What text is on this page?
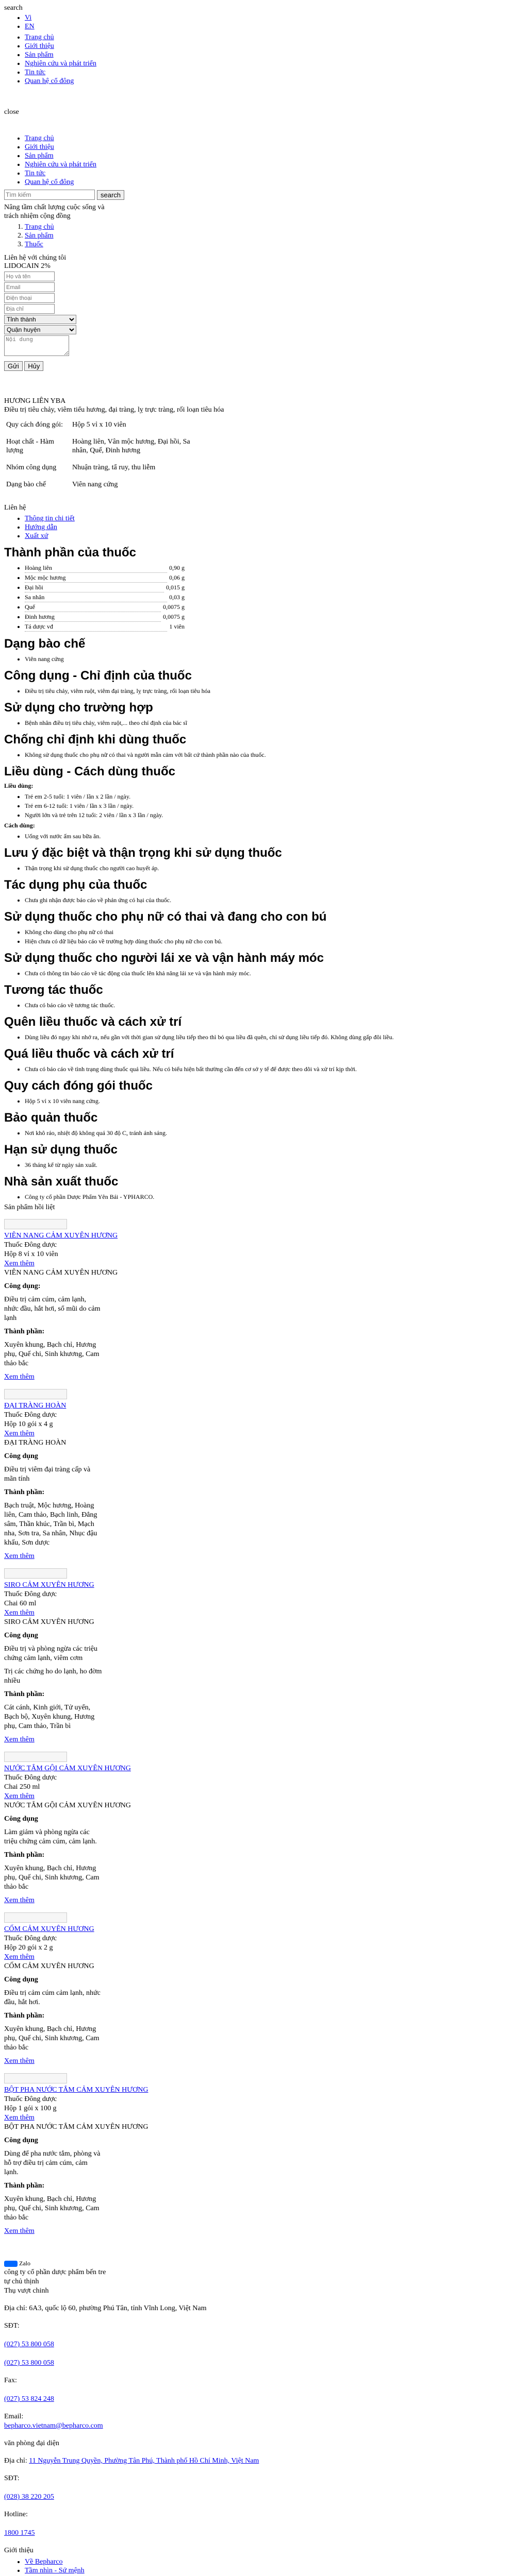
search
• Vi
• EN
• Trang chủ
• Giới thiệu
• Sản phẩm
• Nghiên cứu và phát triển
• Tin tức
• Quan hệ cổ đông
close
• Trang chủ
• Giới thiệu
• Sản phẩm
• Nghiên cứu và phát triển
• Tin tức
• Quan hệ cổ đông
Tìm kiếm search
Nâng tầm chất lượng cuộc sống và trách nhiệm cộng đồng
1. Trang chủ
2. Sản phẩm
3. Thuốc
Liên hệ với chúng tôi
LIDOCAIN 2%
Họ và tên
Email
Điện thoại
Địa chỉ
Tỉnh thành
Quận huyện
Nội dung
Gửi Hủy
HƯƠNG LIÊN YBA
Điều trị tiêu chảy, viêm tiểu hương, đại tràng, lỵ trực tràng, rối loạn tiêu hóa
Quy cách đóng gói:	Hộp 5 vỉ x 10 viên
Hoạt chất - Hàm lượng	Hoàng liên, Vân mộc hương, Đại hồi, Sa nhân, Quế, Đinh hương
Nhóm công dụng	Nhuận tràng, tẩ ruy, thu liễm
Dạng bào chế	Viên nang cứng
Liên hệ
• Thông tin chi tiết
• Hướng dẫn
• Xuất xứ
Thành phần của thuốc
• Hoàng liên	0,90 g
• Mộc mộc hương	0,06 g
• Đại hồi	0,015 g
• Sa nhân	0,03 g
• Quế	0,0075 g
• Đinh hương	0,0075 g
• Tá dược vđ	1 viên
Dạng bào chế
• Viên nang cứng
Công dụng - Chỉ định của thuốc
• Điều trị tiêu chảy, viêm ruột, viêm đại tràng, lỵ trực tràng, rối loạn tiêu hóa
Sử dụng cho trường hợp
• Bệnh nhân điều trị tiêu chảy, viêm ruột,... theo chỉ định của bác sĩ
Chống chỉ định khi dùng thuốc
• Không sử dụng thuốc cho phụ nữ có thai và người mẫn cảm với bất cứ thành phần nào của thuốc.
Liều dùng - Cách dùng thuốc
Liều dùng:
• Trẻ em 2-5 tuổi: 1 viên / lần x 2 lần / ngày.
• Trẻ em 6-12 tuổi: 1 viên / lần x 3 lần / ngày.
• Người lớn và trẻ trên 12 tuổi: 2 viên / lần x 3 lần / ngày.
Cách dùng:
• Uống với nước ấm sau bữa ăn.
Lưu ý đặc biệt và thận trọng khi sử dụng thuốc
• Thận trọng khi sử dụng thuốc cho người cao huyết áp.
Tác dụng phụ của thuốc
• Chưa ghi nhận được báo cáo về phản ứng có hại của thuốc.
Sử dụng thuốc cho phụ nữ có thai và đang cho con bú
• Không cho dùng cho phụ nữ có thai
• Hiện chưa có dữ liệu báo cáo về trường hợp dùng thuốc cho phụ nữ cho con bú.
Sử dụng thuốc cho người lái xe và vận hành máy móc
• Chưa có thông tin báo cáo về tác động của thuốc lên khả năng lái xe và vận hành máy móc.
Tương tác thuốc
• Chưa có báo cáo về tương tác thuốc.
Quên liều thuốc và cách xử trí
• Dùng liều đó ngay khi nhớ ra, nếu gần với thời gian sử dụng liều tiếp theo thì bỏ qua liều đã quên, chỉ sử dụng liều tiếp đó. Không dùng gấp đôi liều.
Quá liều thuốc và cách xử trí
• Chưa có báo cáo về tình trạng dùng thuốc quá liều. Nếu có biểu hiện bất thường cần đến cơ sở y tế để được theo dõi và xử trí kịp thời.
Quy cách đóng gói thuốc
• Hộp 5 vỉ x 10 viên nang cứng.
Bảo quản thuốc
• Nơi khô ráo, nhiệt độ không quá 30 độ C, tránh ánh sáng.
Hạn sử dụng thuốc
• 36 tháng kể từ ngày sản xuất.
Nhà sản xuất thuốc
• Công ty cổ phần Dược Phẩm Yên Bái - YPHARCO.
Sản phẩm hồi liệt
VIÊN NANG CẢM XUYÊN HƯƠNG
Thuốc Đông dược
Hộp 8 vỉ x 10 viên
Xem thêm
VIÊN NANG CẢM XUYÊN HƯƠNG

Công dụng:

Điều trị cảm cúm, cảm lạnh, nhức đầu, hắt hơi, sổ mũi do cảm lạnh

Thành phần:

Xuyên khung, Bạch chỉ, Hương phụ, Quế chi, Sinh khương, Cam thảo bắc

Xem thêm
ĐẠI TRÀNG HOÀN
Thuốc Đông dược
Hộp 10 gói x 4 g
Xem thêm
ĐẠI TRÀNG HOÀN

Công dụng

Điều trị viêm đại tràng cấp và mãn tính

Thành phần:

Bạch truật, Mộc hương, Hoàng liên, Cam thảo, Bạch linh, Đẳng sâm, Thần khúc, Trần bì, Mạch nha, Sơn tra, Sa nhân, Nhục đậu khấu, Sơn dược

Xem thêm
SIRO CẢM XUYÊN HƯƠNG
Thuốc Đông dược
Chai 60 ml
Xem thêm
SIRO CẢM XUYÊN HƯƠNG

Công dụng

Điều trị và phòng ngừa các triệu chứng cảm lạnh, viêm cơm

Trị các chứng ho do lạnh, ho đờm nhiều

Thành phần:

Cát cánh, Kinh giới, Tử uyển, Bạch bộ, Xuyên khung, Hương phụ, Cam thảo, Trần bì

Xem thêm
NƯỚC TẮM GỘI CẢM XUYÊN HƯƠNG
Thuốc Đông dược
Chai 250 ml
Xem thêm
NƯỚC TẮM GỘI CẢM XUYÊN HƯƠNG

Công dụng

Làm giảm và phòng ngừa các triệu chứng cảm cúm, cảm lạnh.

Thành phần:

Xuyên khung, Bạch chỉ, Hương phụ, Quế chi, Sinh khương, Cam thảo bắc

Xem thêm
CỐM CẢM XUYÊN HƯƠNG
Thuốc Đông dược
Hộp 20 gói x 2 g
Xem thêm
CỐM CẢM XUYÊN HƯƠNG

Công dụng

Điều trị cảm cúm cảm lạnh, nhức đầu, hắt hơi.

Thành phần:

Xuyên khung, Bạch chỉ, Hương phụ, Quế chi, Sinh khương, Cam thảo bắc

Xem thêm
BỘT PHA NƯỚC TẮM CẢM XUYÊN HƯƠNG
Thuốc Đông dược
Hộp 1 gói x 100 g
Xem thêm
BỘT PHA NƯỚC TẮM CẢM XUYÊN HƯƠNG

Công dụng

Dùng để pha nước tắm, phòng và hỗ trợ điều trị cảm cúm, cảm lạnh.

Thành phần:

Xuyên khung, Bạch chỉ, Hương phụ, Quế chi, Sinh khương, Cam thảo bắc

Xem thêm
Zalo
công ty cổ phần dược phẩm bến tre tự chủ thịnh
Thụ vượt chinh

Địa chỉ: 6A3, quốc lộ 60, phường Phú Tân, tỉnh Vĩnh Long, Việt Nam

SĐT:

(027) 53 800 058

(027) 53 800 058

Fax:

(027) 53 824 248

Email:
bepharco.vietnam@bepharco.com

văn phòng đại diện

Địa chỉ: 11 Nguyễn Trung Quyền, Phường Tân Phú, Thành phố Hồ Chí Minh, Việt Nam

SĐT:

(028) 38 220 205

Hotline:

1800 1745

Giới thiệu
• Về Bepharco
• Tầm nhìn - Sứ mệnh
•
